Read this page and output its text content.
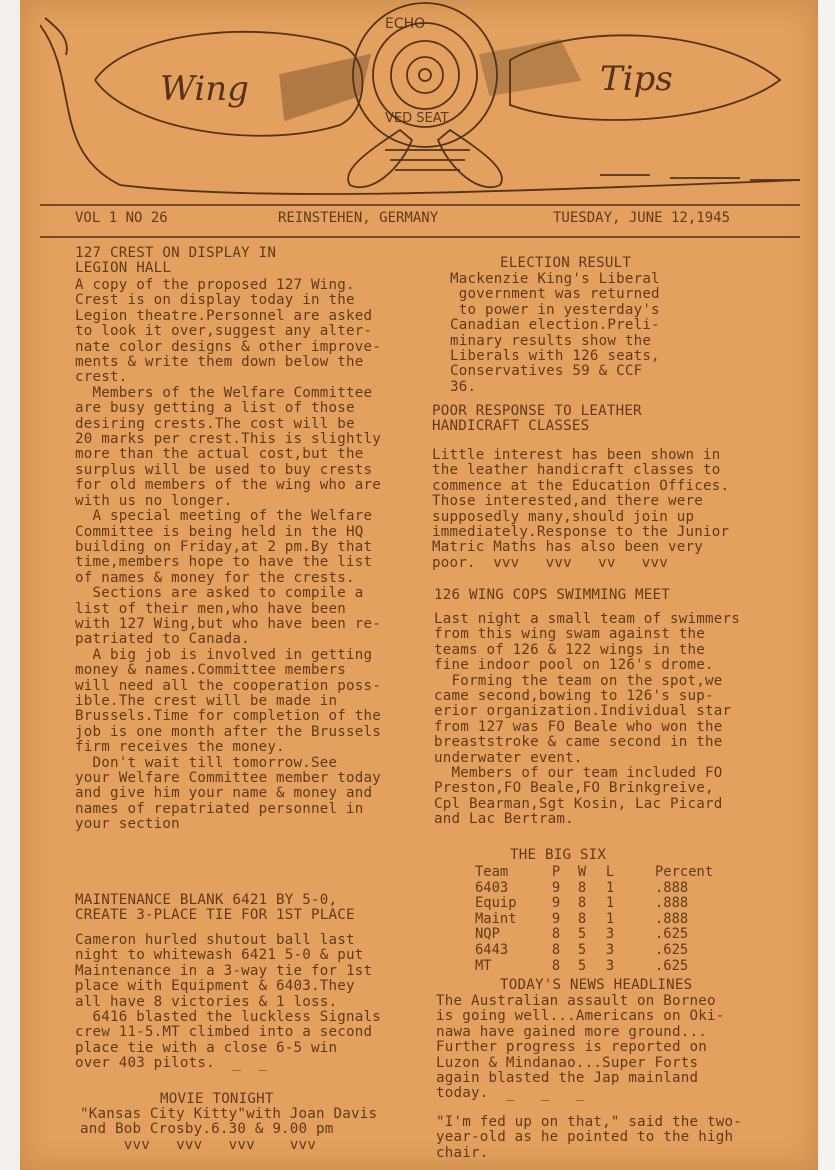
Wing	Tips
ECHO
VED SEAT
VOL 1 NO 26	REINSTEHEN, GERMANY	TUESDAY, JUNE 12,1945
127 CREST ON DISPLAY IN
LEGION HALL
A copy of the proposed 127 Wing.
Crest is on display today in the
Legion theatre.Personnel are asked
to look it over,suggest any alter-
nate color designs & other improve-
ments & write them down below the
crest.
Members of the Welfare Committee
are busy getting a list of those
desiring crests.The cost will be
20 marks per crest.This is slightly
more than the actual cost,but the
surplus will be used to buy crests
for old members of the wing who are
with us no longer.
A special meeting of the Welfare
Committee is being held in the HQ
building on Friday,at 2 pm.By that
time,members hope to have the list
of names & money for the crests.
Sections are asked to compile a
list of their men,who have been
with 127 Wing,but who have been re-
patriated to Canada.
A big job is involved in getting
money & names.Committee members
will need all the cooperation poss-
ible.The crest will be made in
Brussels.Time for completion of the
job is one month after the Brussels
firm receives the money.
Don't wait till tomorrow.See
your Welfare Committee member today
and give him your name & money and
names of repatriated personnel in
your section
MAINTENANCE BLANK 6421 BY 5-0,
CREATE 3-PLACE TIE FOR 1ST PLACE
Cameron hurled shutout ball last
night to whitewash 6421 5-0 & put
Maintenance in a 3-way tie for 1st
place with Equipment & 6403.They
all have 8 victories & 1 loss.
6416 blasted the luckless Signals
crew 11-5.MT climbed into a second
place tie with a close 6-5 win
over 403 pilots.  _  _
MOVIE TONIGHT
"Kansas City Kitty"with Joan Davis
and Bob Crosby.6.30 & 9.00 pm
vvv   vvv   vvv    vvv
ELECTION RESULT
Mackenzie King's Liberal
government was returned
to power in yesterday's
Canadian election.Preli-
minary results show the
Liberals with 126 seats,
Conservatives 59 & CCF
36.
POOR RESPONSE TO LEATHER
HANDICRAFT CLASSES
Little interest has been shown in
the leather handicraft classes to
commence at the Education Offices.
Those interested,and there were
supposedly many,should join up
immediately.Response to the Junior
Matric Maths has also been very
poor.  vvv   vvv   vv   vvv
126 WING COPS SWIMMING MEET
Last night a small team of swimmers
from this wing swam against the
teams of 126 & 122 wings in the
fine indoor pool on 126's drome.
Forming the team on the spot,we
came second,bowing to 126's sup-
erior organization.Individual star
from 127 was FO Beale who won the
breaststroke & came second in the
underwater event.
Members of our team included FO
Preston,FO Beale,FO Brinkgreive,
Cpl Bearman,Sgt Kosin, Lac Picard
and Lac Bertram.
THE BIG SIX
Team	P	W	L	Percent
6403	9	8	1	.888
Equip	9	8	1	.888
Maint	9	8	1	.888
NQP	8	5	3	.625
6443	8	5	3	.625
MT	8	5	3	.625
TODAY'S NEWS HEADLINES
The Australian assault on Borneo
is going well...Americans on Oki-
nawa have gained more ground...
Further progress is reported on
Luzon & Mindanao...Super Forts
again blasted the Jap mainland
today.  _   _   _
"I'm fed up on that," said the two-
year-old as he pointed to the high
chair.
